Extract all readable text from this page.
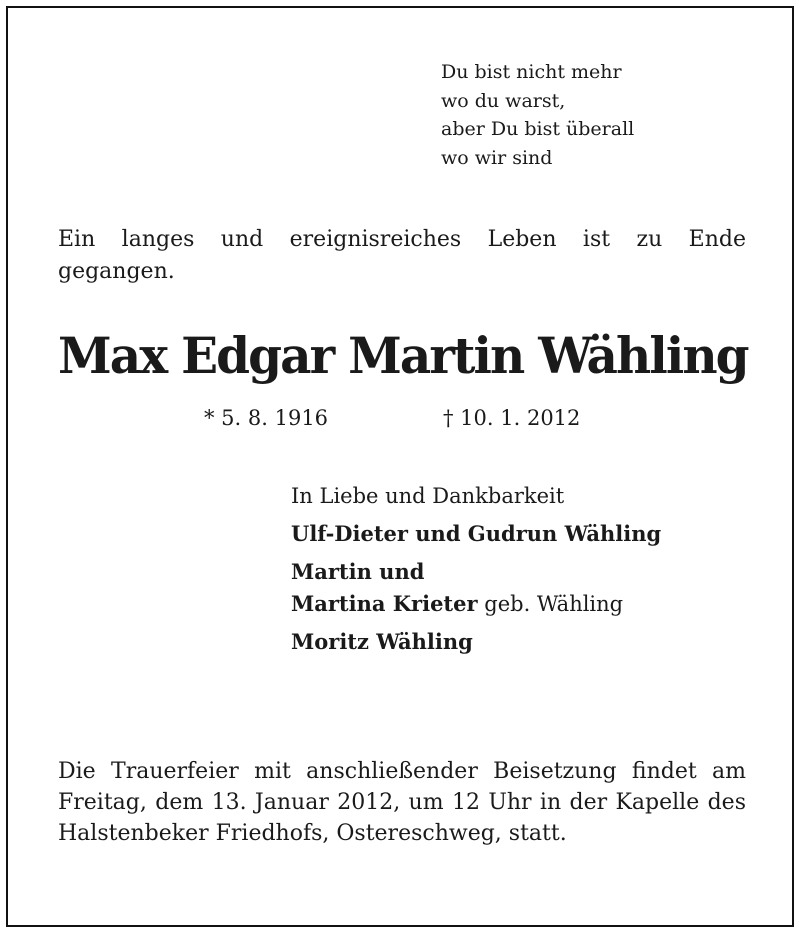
Du bist nicht mehr
wo du warst,
aber Du bist überall
wo wir sind
Ein langes und ereignisreiches Leben ist zu Ende gegangen.
Max Edgar Martin Wähling
* 5. 8. 1916	† 10. 1. 2012
In Liebe und Dankbarkeit
Ulf-Dieter und Gudrun Wähling
Martin und
Martina Krieter geb. Wähling
Moritz Wähling
Die Trauerfeier mit anschließender Beisetzung findet am Freitag, dem 13. Januar 2012, um 12 Uhr in der Kapelle des Halstenbeker Friedhofs, Ostereschweg, statt.
